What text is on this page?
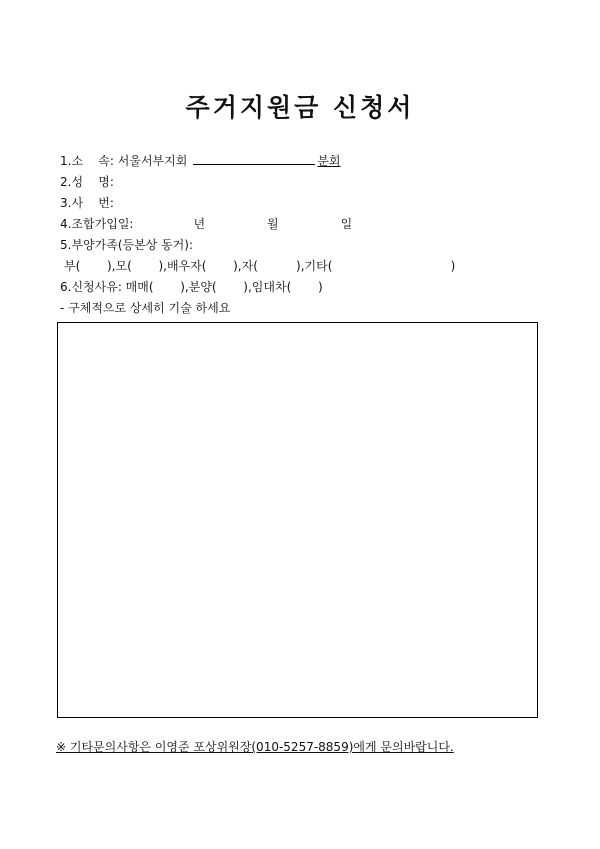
주거지원금 신청서
1.소    속: 서울서부지회	분회
2.성    명:
3.사    번:
4.조합가입일:	년	월	일
5.부양가족(등본상 동거):
부(       ),모(       ),배우자(       ),자(          ),기타(                               )
6.신청사유: 매매(       ),분양(       ),임대차(       )
- 구체적으로 상세히 기술 하세요
※ 기타문의사항은 이영준 포상위원장(010-5257-8859)에게 문의바랍니다.
